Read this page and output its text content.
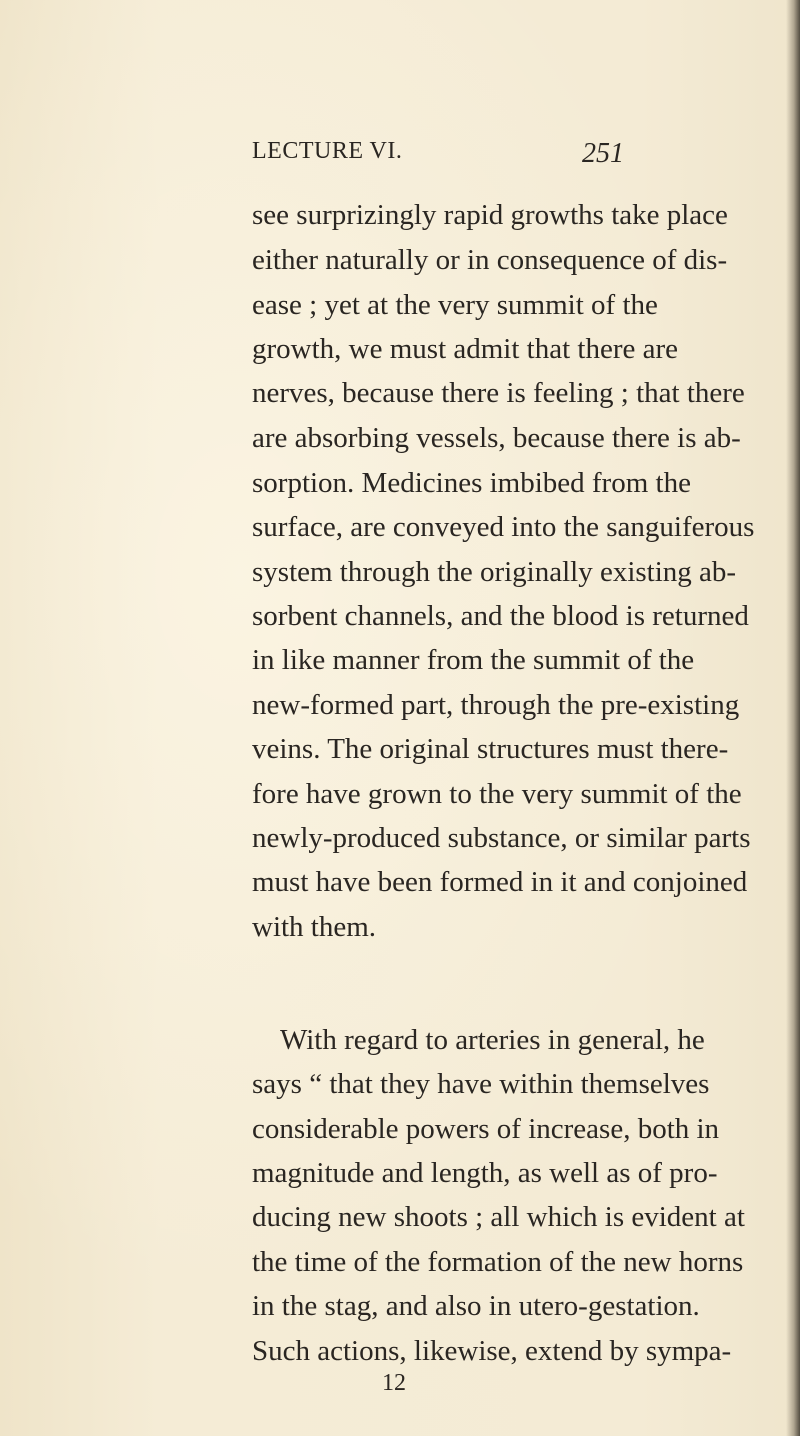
LECTURE VI.	251
see surprizingly rapid growths take place
either naturally or in consequence of dis-
ease ; yet at the very summit of the
growth, we must admit that there are
nerves, because there is feeling ; that there
are absorbing vessels, because there is ab-
sorption. Medicines imbibed from the
surface, are conveyed into the sanguiferous
system through the originally existing ab-
sorbent channels, and the blood is returned
in like manner from the summit of the
new-formed part, through the pre-existing
veins. The original structures must there-
fore have grown to the very summit of the
newly-produced substance, or similar parts
must have been formed in it and conjoined
with them.
With regard to arteries in general, he
says “ that they have within themselves
considerable powers of increase, both in
magnitude and length, as well as of pro-
ducing new shoots ; all which is evident at
the time of the formation of the new horns
in the stag, and also in utero-gestation.
Such actions, likewise, extend by sympa-
12
